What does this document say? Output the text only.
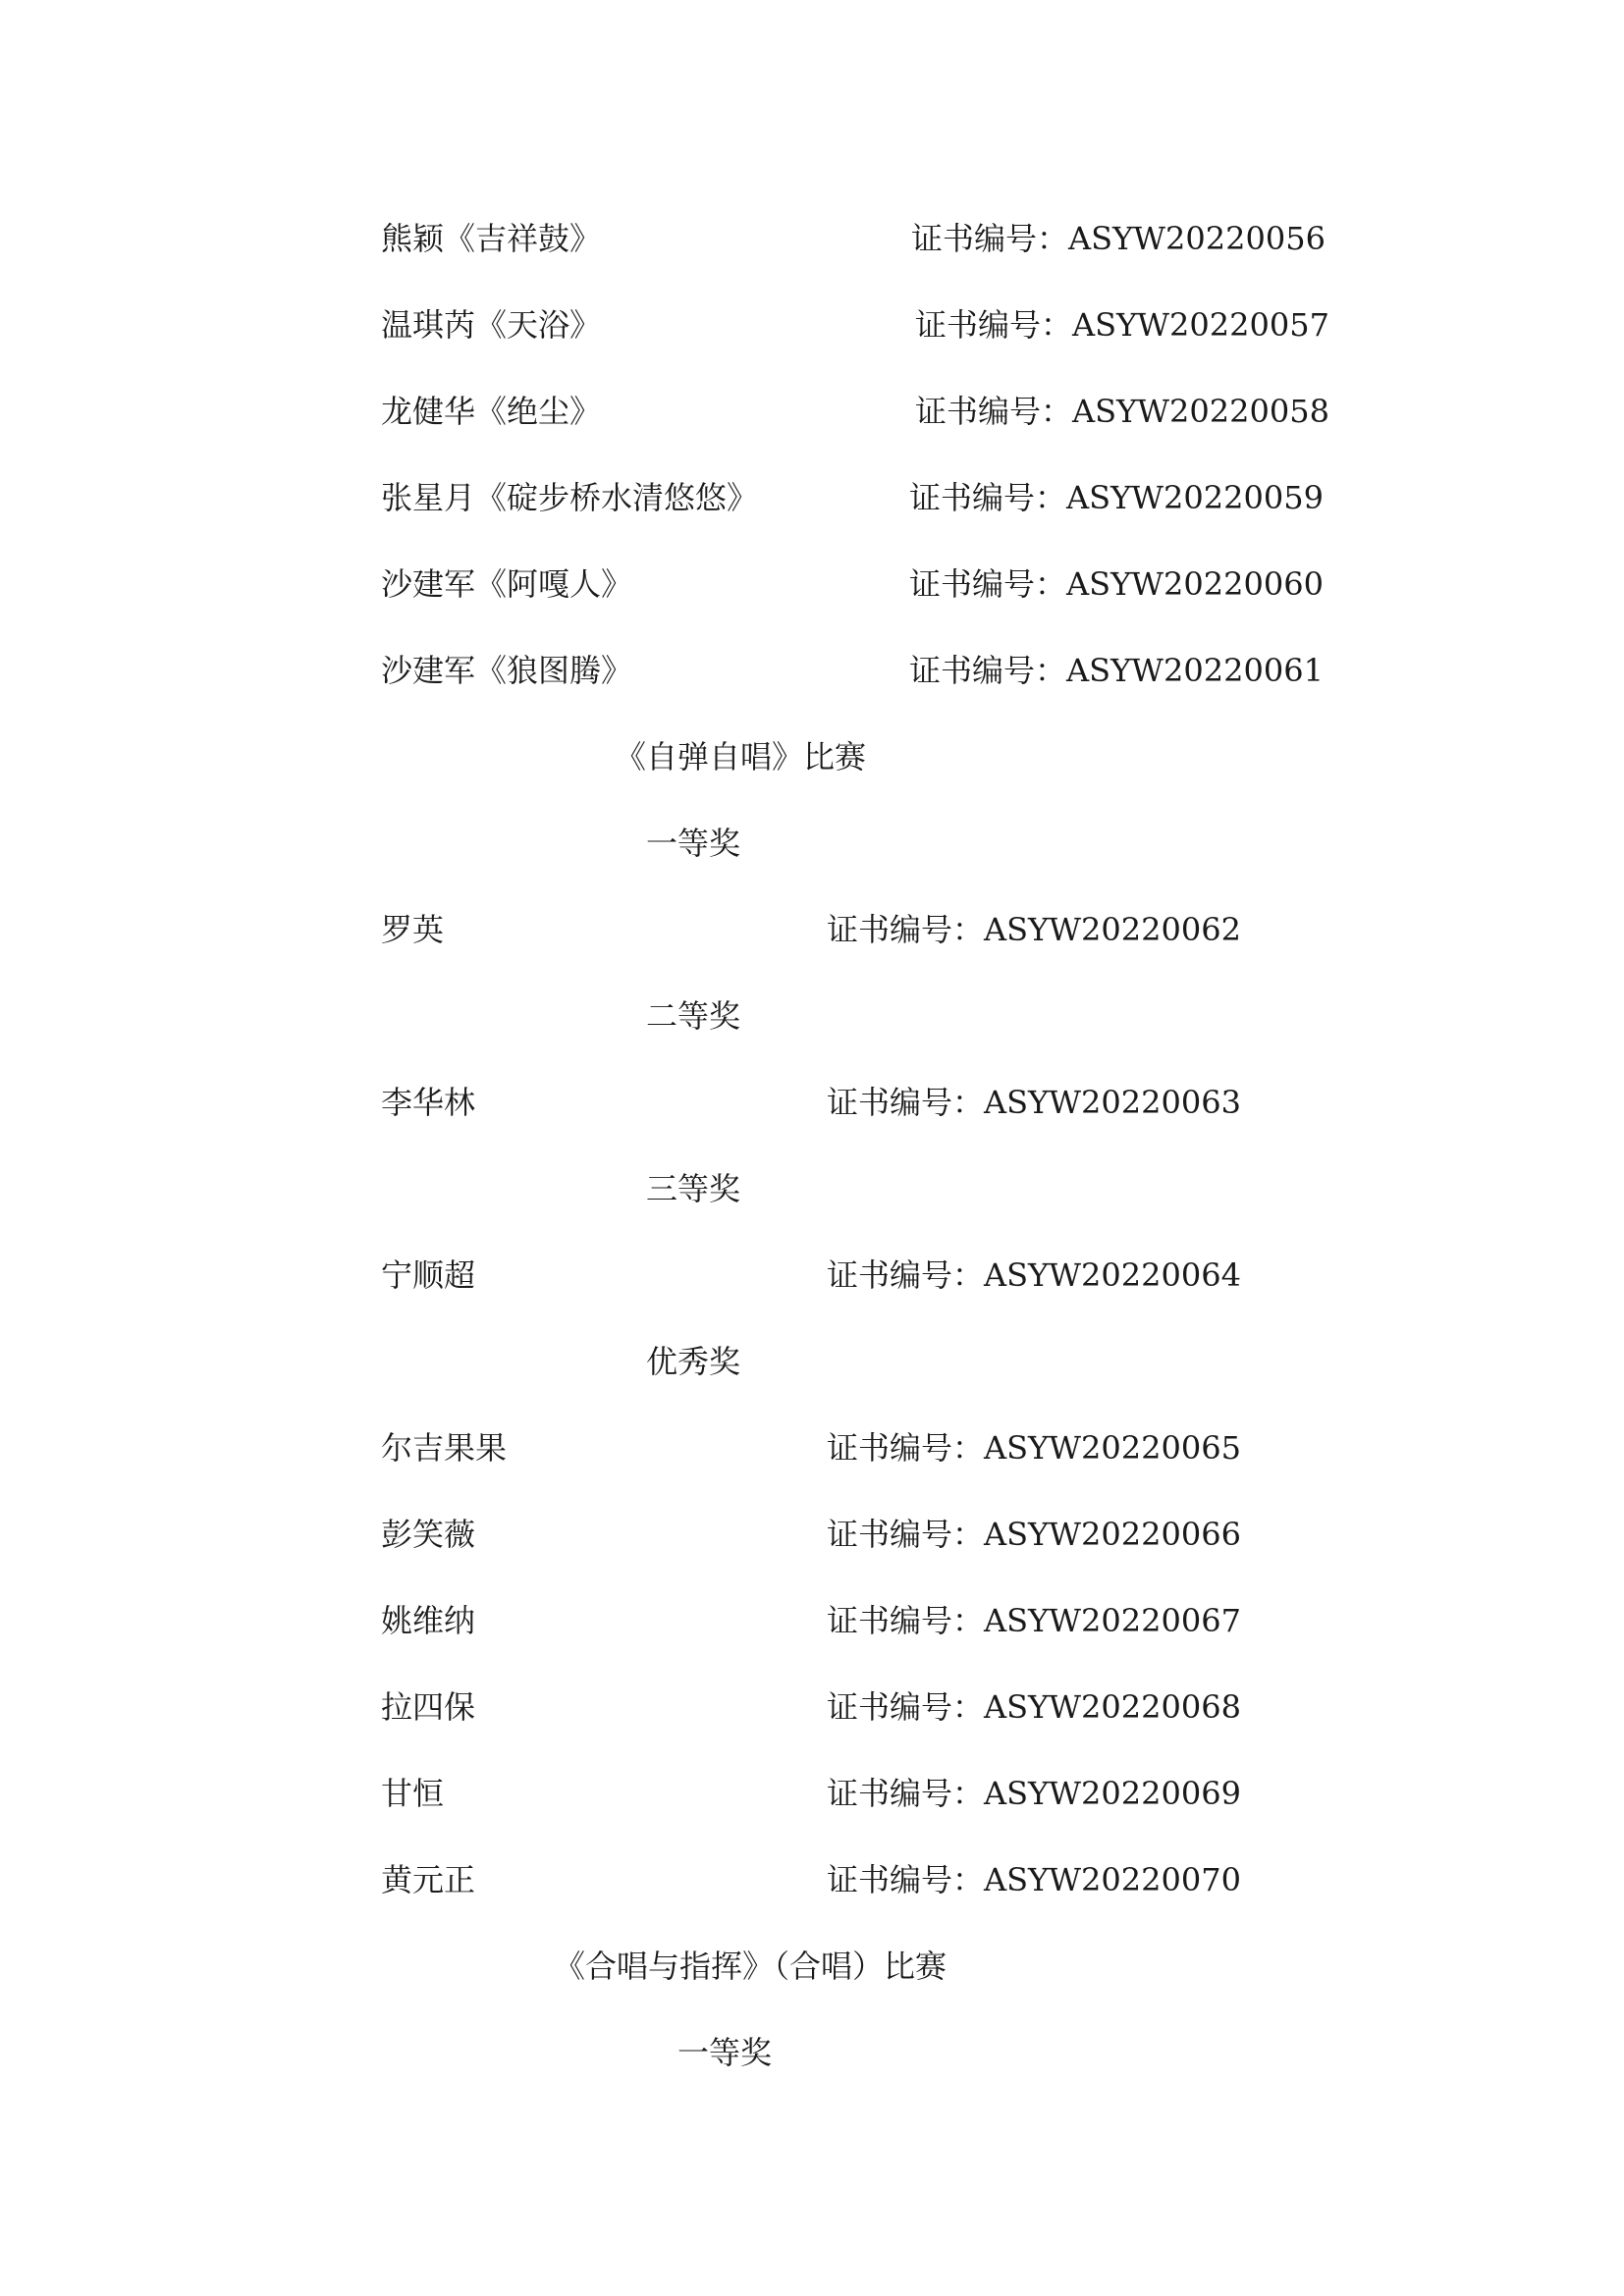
熊颖《吉祥鼓》	证书编号：ASYW20220056
温琪芮《天浴》	证书编号：ASYW20220057
龙健华《绝尘》	证书编号：ASYW20220058
张星月《碇步桥水清悠悠》	证书编号：ASYW20220059
沙建军《阿嘎人》	证书编号：ASYW20220060
沙建军《狼图腾》	证书编号：ASYW20220061
《自弹自唱》比赛
一等奖
罗英	证书编号：ASYW20220062
二等奖
李华林	证书编号：ASYW20220063
三等奖
宁顺超	证书编号：ASYW20220064
优秀奖
尔吉果果	证书编号：ASYW20220065
彭笑薇	证书编号：ASYW20220066
姚维纳	证书编号：ASYW20220067
拉四保	证书编号：ASYW20220068
甘恒	证书编号：ASYW20220069
黄元正	证书编号：ASYW20220070
《合唱与指挥》（合唱）比赛
一等奖
